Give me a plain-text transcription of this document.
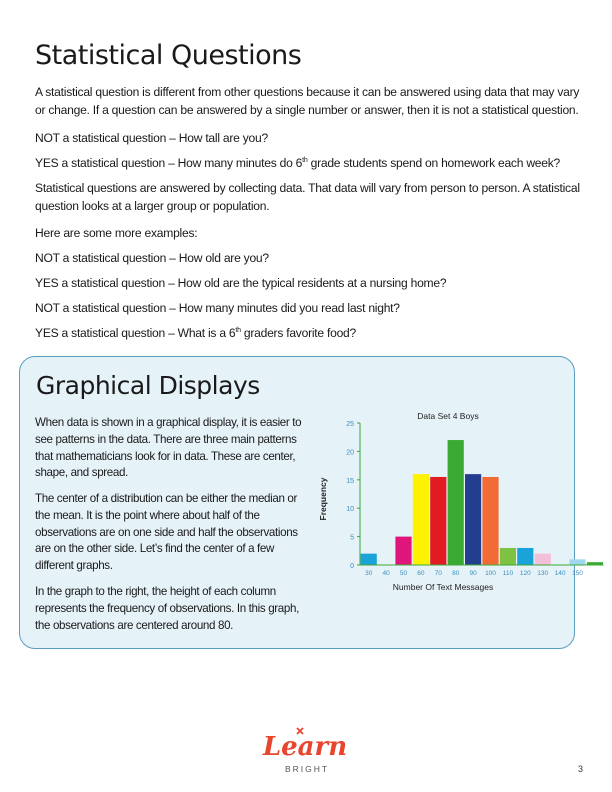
Statistical Questions

A statistical question is different from other questions because it can be answered using data that may vary or change. If a question can be answered by a single number or answer, then it is not a statistical question.

NOT a statistical question – How tall are you?

YES a statistical question – How many minutes do 6th grade students spend on homework each week?

Statistical questions are answered by collecting data. That data will vary from person to person. A statistical question looks at a larger group or population.

Here are some more examples:

NOT a statistical question – How old are you?

YES a statistical question – How old are the typical residents at a nursing home?

NOT a statistical question – How many minutes did you read last night?

YES a statistical question – What is a 6th graders favorite food?

Graphical Displays

When data is shown in a graphical display, it is easier to see patterns in the data. There are three main patterns that mathematicians look for in data. These are center, shape, and spread.

The center of a distribution can be either the median or the mean. It is the point where about half of the observations are on one side and half the observations are on the other side. Let’s find the center of a few different graphs.

In the graph to the right, the height of each column represents the frequency of observations. In this graph, the observations are centered around 80.

Data Set 4 Boys
Frequency
Number Of Text Messages
0
5
10
15
20
25
30 40 50 60 70 80 90 100 110 120 130 140 150
Learn
BRIGHT	3
